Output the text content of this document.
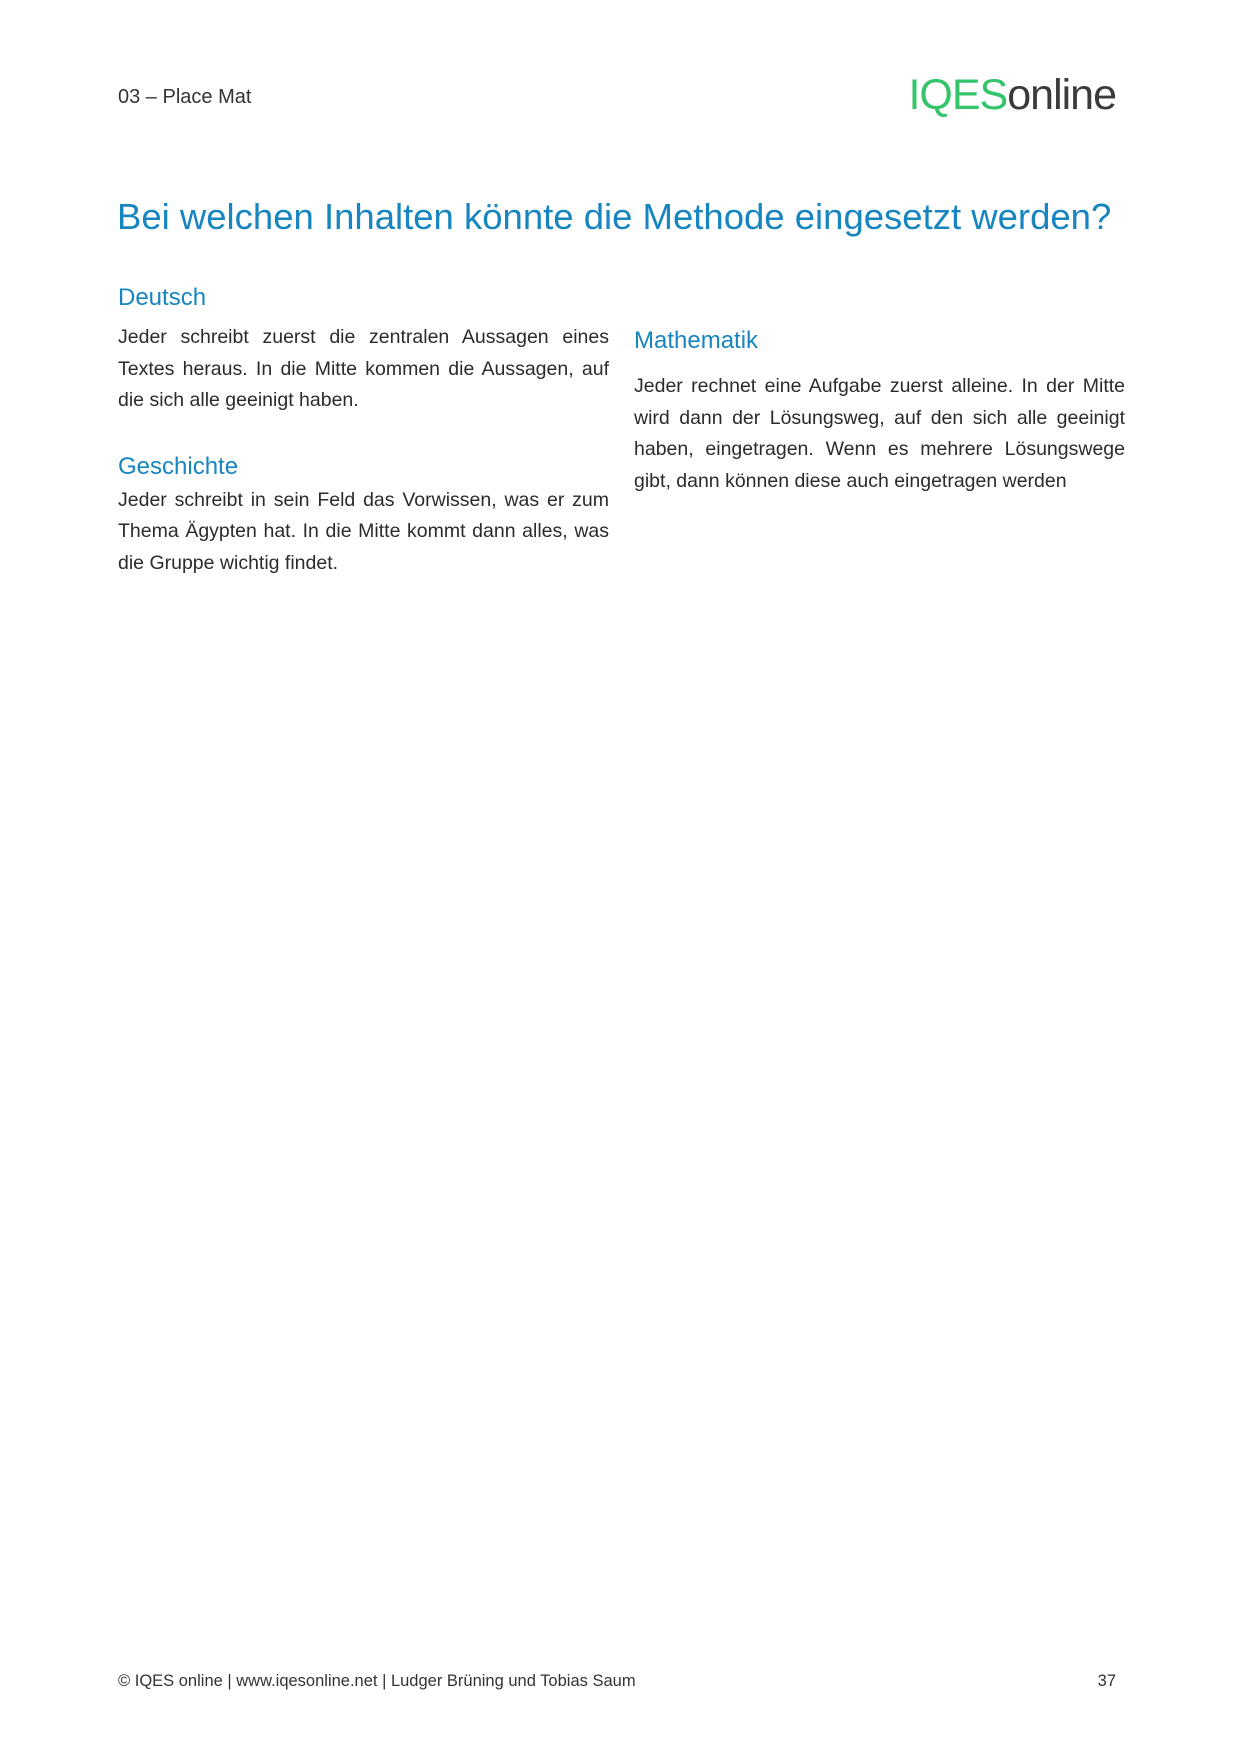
03 – Place Mat	IQESonline
Bei welchen Inhalten könnte die Methode eingesetzt werden?
Deutsch

Jeder schreibt zuerst die zentralen Aussagen eines Textes heraus. In die Mitte kommen die Aussagen, auf die sich alle geeinigt haben.

Geschichte

Jeder schreibt in sein Feld das Vorwissen, was er zum Thema Ägypten hat. In die Mitte kommt dann alles, was die Gruppe wichtig findet.

Mathematik

Jeder rechnet eine Aufgabe zuerst alleine. In der Mitte wird dann der Lösungsweg, auf den sich alle geeinigt haben, eingetragen. Wenn es mehrere Lösungswege gibt, dann können diese auch eingetragen werden

© IQES online | www.iqesonline.net | Ludger Brüning und Tobias Saum	37
